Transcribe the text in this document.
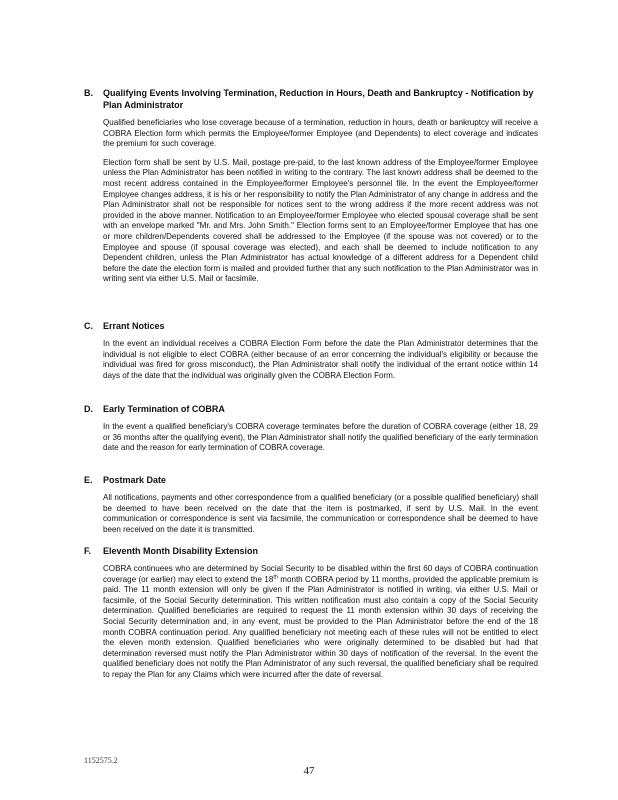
B.	Qualifying Events Involving Termination, Reduction in Hours, Death and Bankruptcy - Notification by Plan Administrator

Qualified beneficiaries who lose coverage because of a termination, reduction in hours, death or bankruptcy will receive a COBRA Election form which permits the Employee/former Employee (and Dependents) to elect coverage and indicates the premium for such coverage.

Election form shall be sent by U.S. Mail, postage pre-paid, to the last known address of the Employee/former Employee unless the Plan Administrator has been notified in writing to the contrary. The last known address shall be deemed to the most recent address contained in the Employee/former Employee's personnel file. In the event the Employee/former Employee changes address, it is his or her responsibility to notify the Plan Administrator of any change in address and the Plan Administrator shall not be responsible for notices sent to the wrong address if the more recent address was not provided in the above manner. Notification to an Employee/former Employee who elected spousal coverage shall be sent with an envelope marked "Mr. and Mrs. John Smith." Election forms sent to an Employee/former Employee that has one or more children/Dependents covered shall be addressed to the Employee (if the spouse was not covered) or to the Employee and spouse (if spousal coverage was elected), and each shall be deemed to include notification to any Dependent children, unless the Plan Administrator has actual knowledge of a different address for a Dependent child before the date the election form is mailed and provided further that any such notification to the Plan Administrator was in writing sent via either U.S. Mail or facsimile.

C.	Errant Notices

In the event an individual receives a COBRA Election Form before the date the Plan Administrator determines that the individual is not eligible to elect COBRA (either because of an error concerning the individual's eligibility or because the individual was fired for gross misconduct), the Plan Administrator shall notify the individual of the errant notice within 14 days of the date that the individual was originally given the COBRA Election Form.

D.	Early Termination of COBRA

In the event a qualified beneficiary's COBRA coverage terminates before the duration of COBRA coverage (either 18, 29 or 36 months after the qualifying event), the Plan Administrator shall notify the qualified beneficiary of the early termination date and the reason for early termination of COBRA coverage.

E.	Postmark Date

All notifications, payments and other correspondence from a qualified beneficiary (or a possible qualified beneficiary) shall be deemed to have been received on the date that the item is postmarked, if sent by U.S. Mail. In the event communication or correspondence is sent via facsimile, the communication or correspondence shall be deemed to have been received on the date it is transmitted.

F.	Eleventh Month Disability Extension

COBRA continuees who are determined by Social Security to be disabled within the first 60 days of COBRA continuation coverage (or earlier) may elect to extend the 18th month COBRA period by 11 months, provided the applicable premium is paid. The 11 month extension will only be given if the Plan Administrator is notified in writing, via either U.S. Mail or facsimile, of the Social Security determination. This written notification must also contain a copy of the Social Security determination. Qualified beneficiaries are required to request the 11 month extension within 30 days of receiving the Social Security determination and, in any event, must be provided to the Plan Administrator before the end of the 18 month COBRA continuation period. Any qualified beneficiary not meeting each of these rules will not be entitled to elect the eleven month extension. Qualified beneficiaries who were originally determined to be disabled but had that determination reversed must notify the Plan Administrator within 30 days of notification of the reversal. In the event the qualified beneficiary does not notify the Plan Administrator of any such reversal, the qualified beneficiary shall be required to repay the Plan for any Claims which were incurred after the date of reversal.

1152575.2
47
